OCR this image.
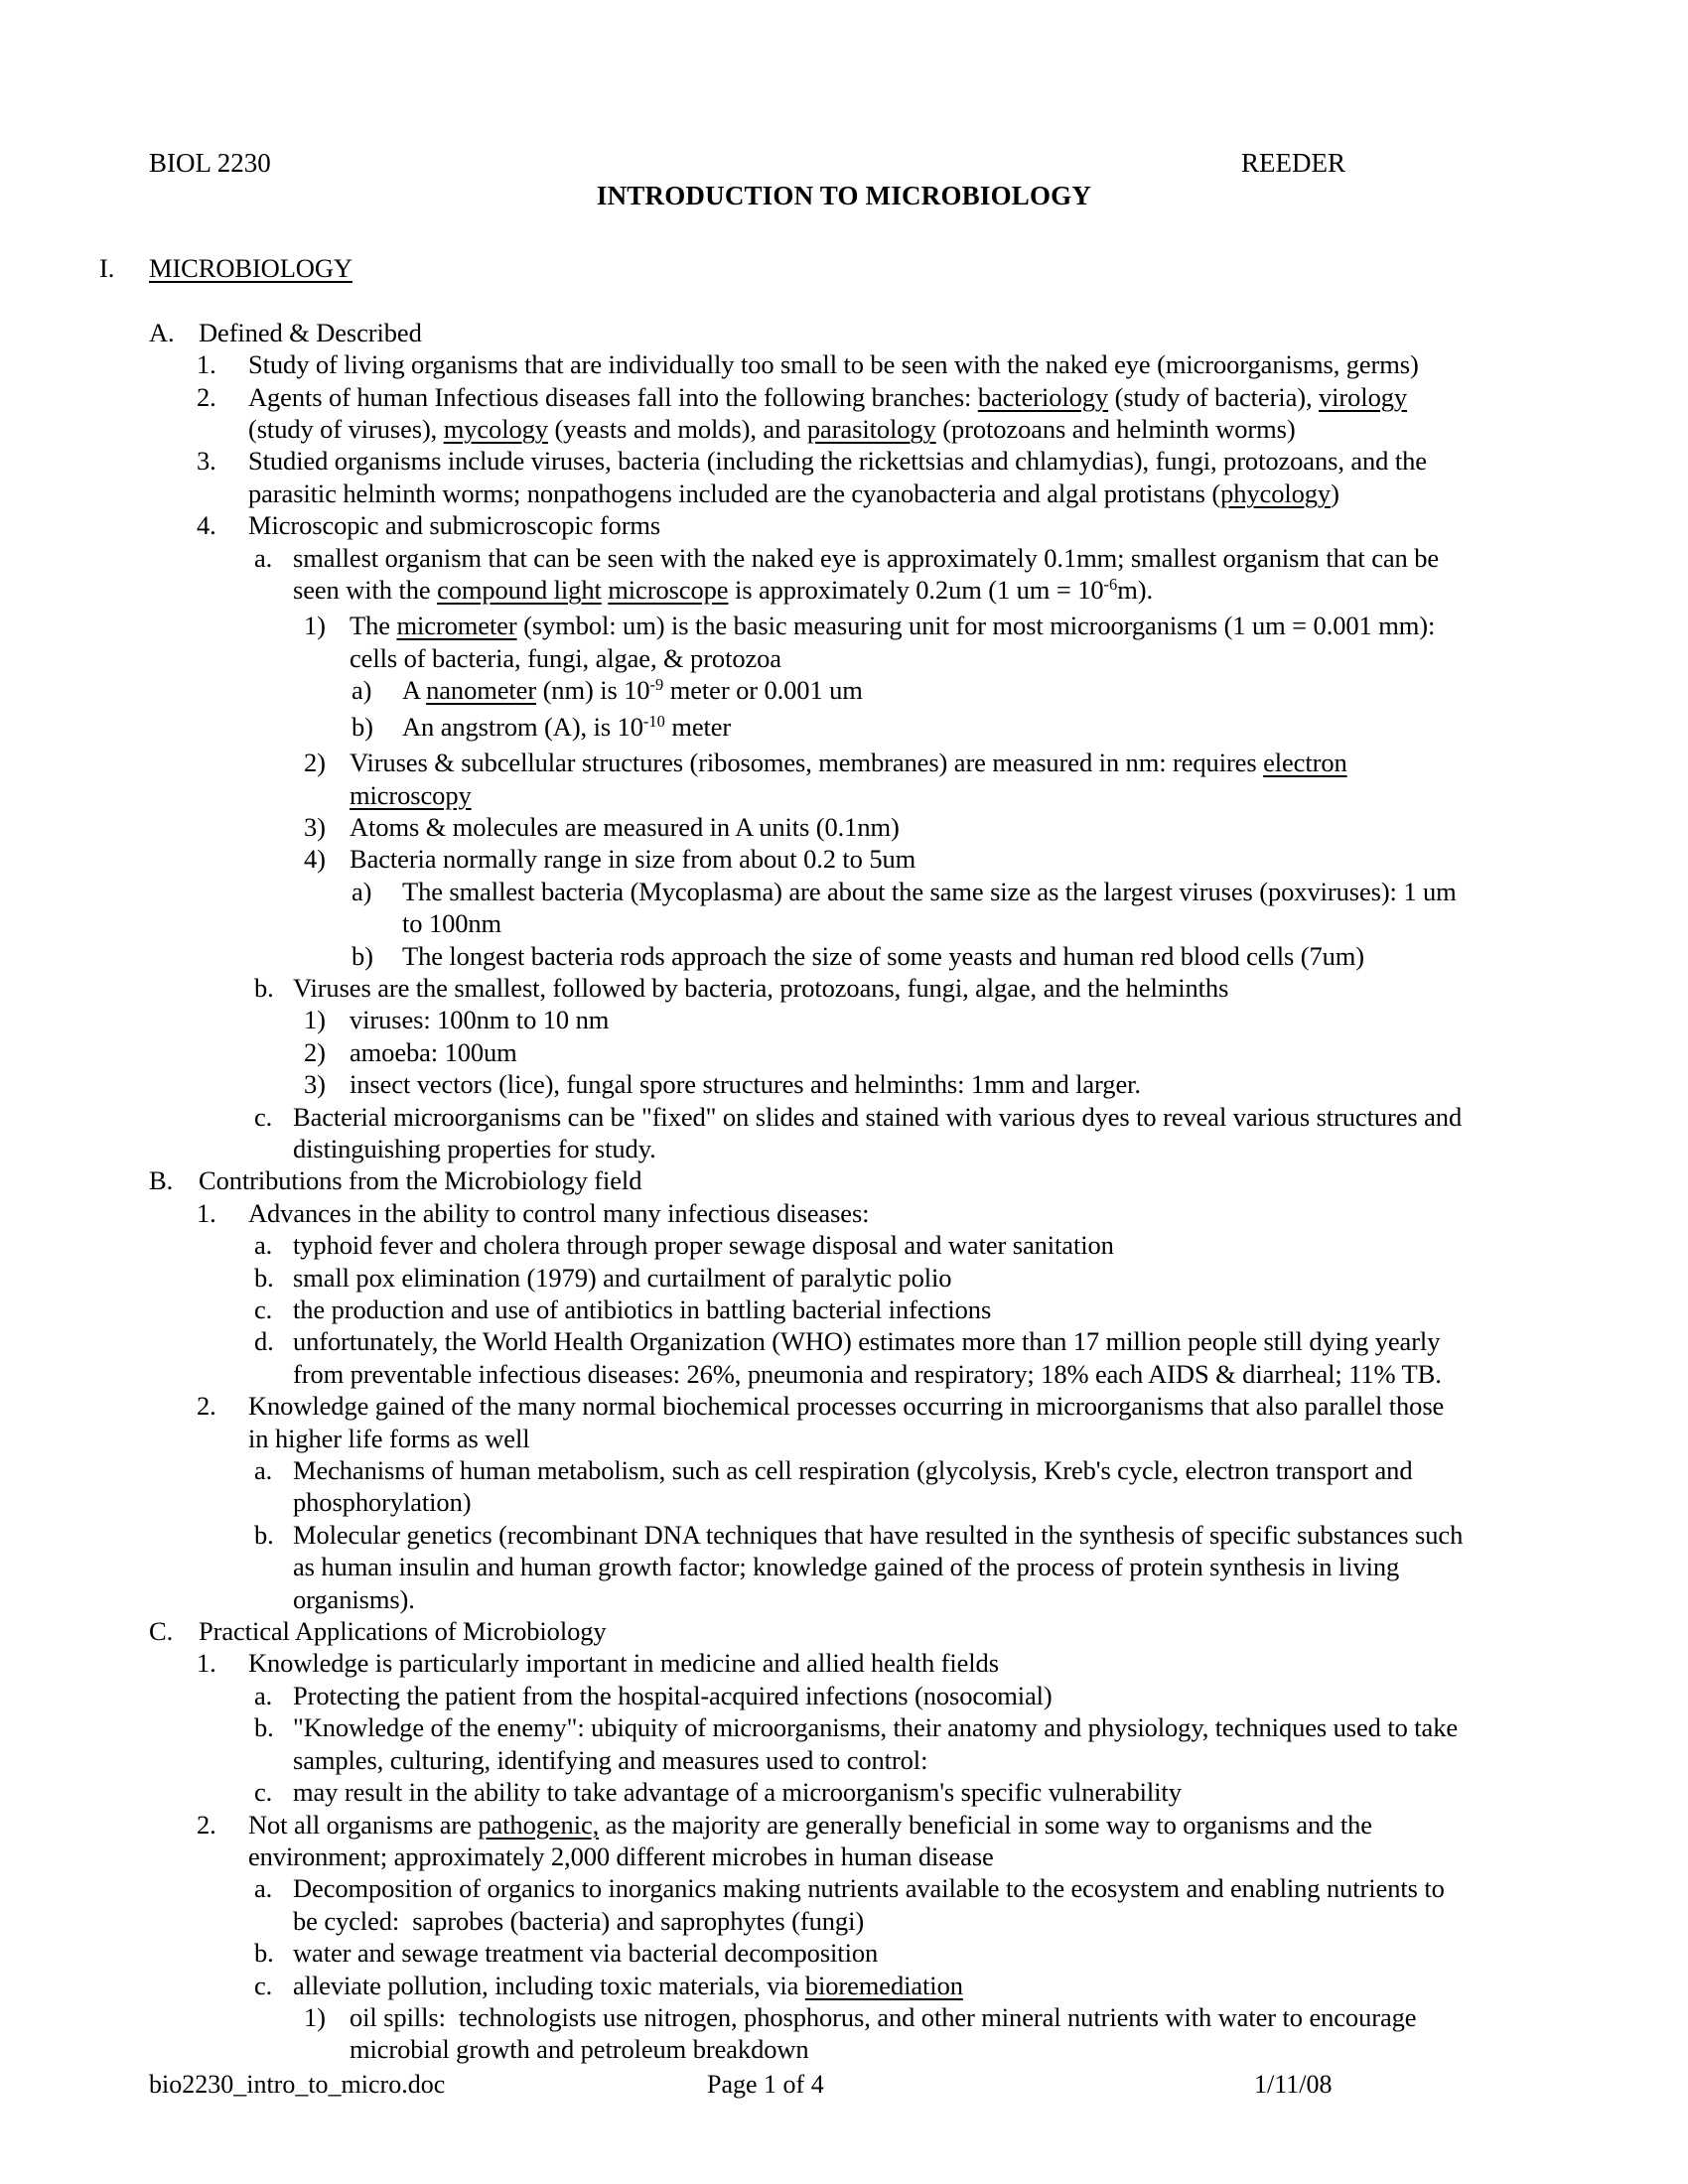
BIOL 2230	REEDER
INTRODUCTION TO MICROBIOLOGY
I. MICROBIOLOGY

A. Defined & Described
1. Study of living organisms that are individually too small to be seen with the naked eye (microorganisms, germs)
2. Agents of human Infectious diseases fall into the following branches: bacteriology (study of bacteria), virology
(study of viruses), mycology (yeasts and molds), and parasitology (protozoans and helminth worms)
3. Studied organisms include viruses, bacteria (including the rickettsias and chlamydias), fungi, protozoans, and the
parasitic helminth worms; nonpathogens included are the cyanobacteria and algal protistans (phycology)
4. Microscopic and submicroscopic forms
a. smallest organism that can be seen with the naked eye is approximately 0.1mm; smallest organism that can be
seen with the compound light microscope is approximately 0.2um (1 um = $10^{-6}m$).
1) The micrometer (symbol: um) is the basic measuring unit for most microorganisms (1 um = 0.001 mm):
cells of bacteria, fungi, algae, & protozoa
a) A nanometer (nm) is $10^{-9}$ meter or 0.001 um
b) An angstrom (A), is $10^{-10}$ meter
2) Viruses & subcellular structures (ribosomes, membranes) are measured in nm: requires electron
microscopy
3) Atoms & molecules are measured in A units (0.1nm)
4) Bacteria normally range in size from about 0.2 to 5um
a) The smallest bacteria (Mycoplasma) are about the same size as the largest viruses (poxviruses): 1 um
to 100nm
b) The longest bacteria rods approach the size of some yeasts and human red blood cells (7um)
b. Viruses are the smallest, followed by bacteria, protozoans, fungi, algae, and the helminths
1) viruses: 100nm to 10 nm
2) amoeba: 100um
3) insect vectors (lice), fungal spore structures and helminths: 1mm and larger.
c. Bacterial microorganisms can be "fixed" on slides and stained with various dyes to reveal various structures and
distinguishing properties for study.
B. Contributions from the Microbiology field
1. Advances in the ability to control many infectious diseases:
a. typhoid fever and cholera through proper sewage disposal and water sanitation
b. small pox elimination (1979) and curtailment of paralytic polio
c. the production and use of antibiotics in battling bacterial infections
d. unfortunately, the World Health Organization (WHO) estimates more than 17 million people still dying yearly
from preventable infectious diseases: 26%, pneumonia and respiratory; 18% each AIDS & diarrheal; 11% TB.
2. Knowledge gained of the many normal biochemical processes occurring in microorganisms that also parallel those
in higher life forms as well
a. Mechanisms of human metabolism, such as cell respiration (glycolysis, Kreb's cycle, electron transport and
phosphorylation)
b. Molecular genetics (recombinant DNA techniques that have resulted in the synthesis of specific substances such
as human insulin and human growth factor; knowledge gained of the process of protein synthesis in living
organisms).
C. Practical Applications of Microbiology
1. Knowledge is particularly important in medicine and allied health fields
a. Protecting the patient from the hospital-acquired infections (nosocomial)
b. "Knowledge of the enemy": ubiquity of microorganisms, their anatomy and physiology, techniques used to take
samples, culturing, identifying and measures used to control:
c. may result in the ability to take advantage of a microorganism's specific vulnerability
2. Not all organisms are pathogenic, as the majority are generally beneficial in some way to organisms and the
environment; approximately 2,000 different microbes in human disease
a. Decomposition of organics to inorganics making nutrients available to the ecosystem and enabling nutrients to
be cycled:  saprobes (bacteria) and saprophytes (fungi)
b. water and sewage treatment via bacterial decomposition
c. alleviate pollution, including toxic materials, via bioremediation
1) oil spills:  technologists use nitrogen, phosphorus, and other mineral nutrients with water to encourage
microbial growth and petroleum breakdown
bio2230_intro_to_micro.doc	Page 1 of 4	1/11/08
